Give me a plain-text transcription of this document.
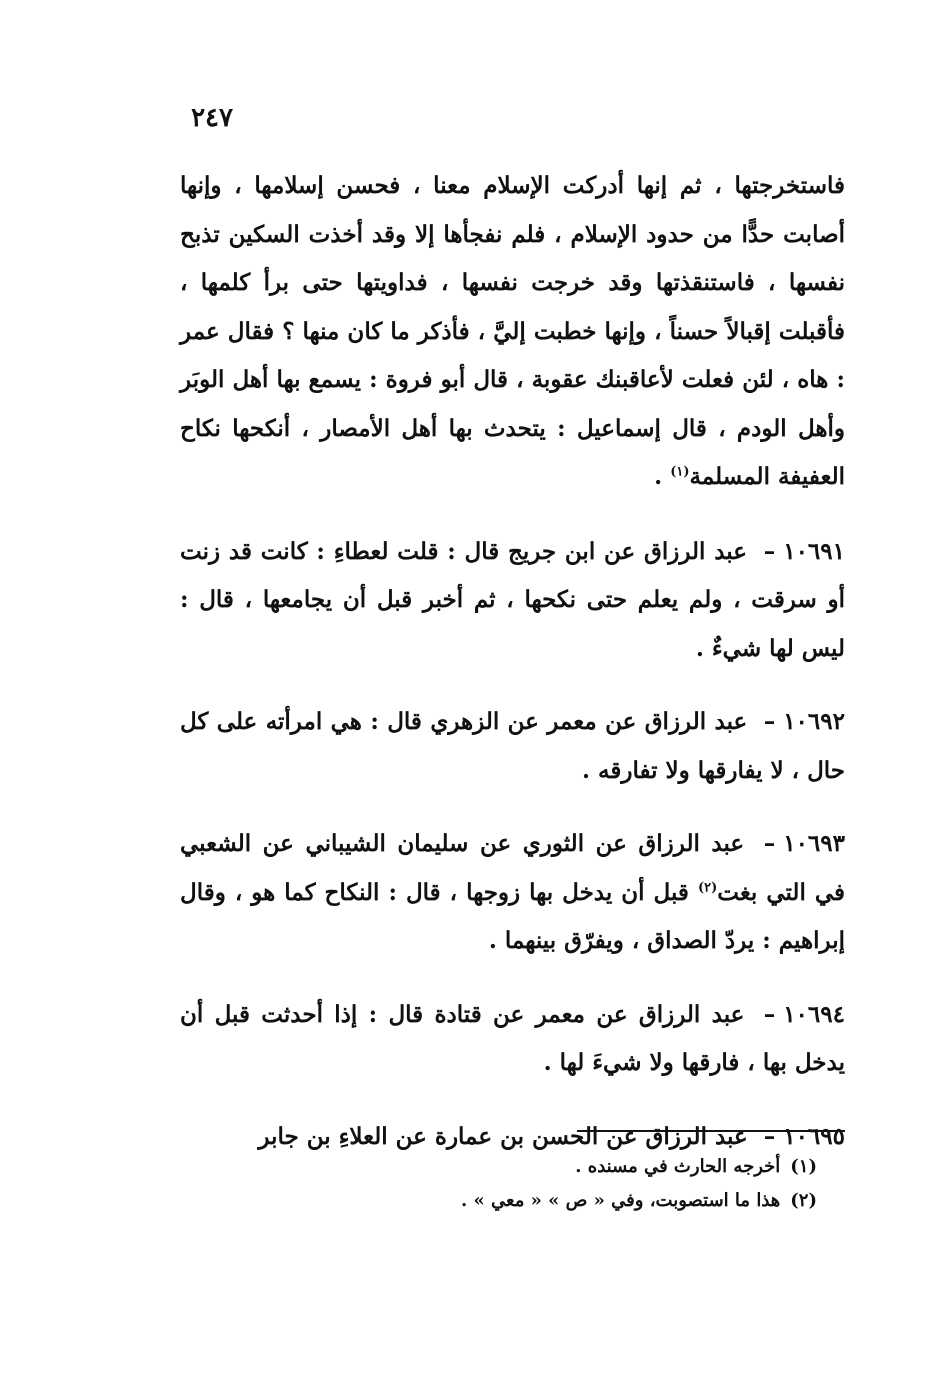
٢٤٧

فاستخرجتها ، ثم إنها أدركت الإسلام معنا ، فحسن إسلامها ، وإنها أصابت حدًّا من حدود الإسلام ، فلم نفجأها إلا وقد أخذت السكين تذبح نفسها ، فاستنقذتها وقد خرجت نفسها ، فداويتها حتى برأ كلمها ، فأقبلت إقبالاً حسناً ، وإنها خطبت إليَّ ، فأذكر ما كان منها ؟ فقال عمر : هاه ، لئن فعلت لأعاقبنك عقوبة ، قال أبو فروة : يسمع بها أهل الوبَر وأهل الودم ، قال إسماعيل : يتحدث بها أهل الأمصار ، أنكحها نكاح العفيفة المسلمة$^{(١)}$ .

١٠٦٩١– عبد الرزاق عن ابن جريج قال : قلت لعطاءِ : كانت قد زنت أو سرقت ، ولم يعلم حتى نكحها ، ثم أخبر قبل أن يجامعها ، قال : ليس لها شيءٌ .

١٠٦٩٢– عبد الرزاق عن معمر عن الزهري قال : هي امرأته على كل حال ، لا يفارقها ولا تفارقه .

١٠٦٩٣– عبد الرزاق عن الثوري عن سليمان الشيباني عن الشعبي في التي بغت$^{(٢)}$ قبل أن يدخل بها زوجها ، قال : النكاح كما هو ، وقال إبراهيم : يردّ الصداق ، ويفرّق بينهما .

١٠٦٩٤– عبد الرزاق عن معمر عن قتادة قال : إذا أحدثت قبل أن يدخل بها ، فارقها ولا شيءَ لها .

١٠٦٩٥– عبد الرزاق عن الحسن بن عمارة عن العلاءِ بن جابر

(١)أخرجه الحارث في مسنده .

(٢)هذا ما استصوبت، وفي « ص » « معي » .
